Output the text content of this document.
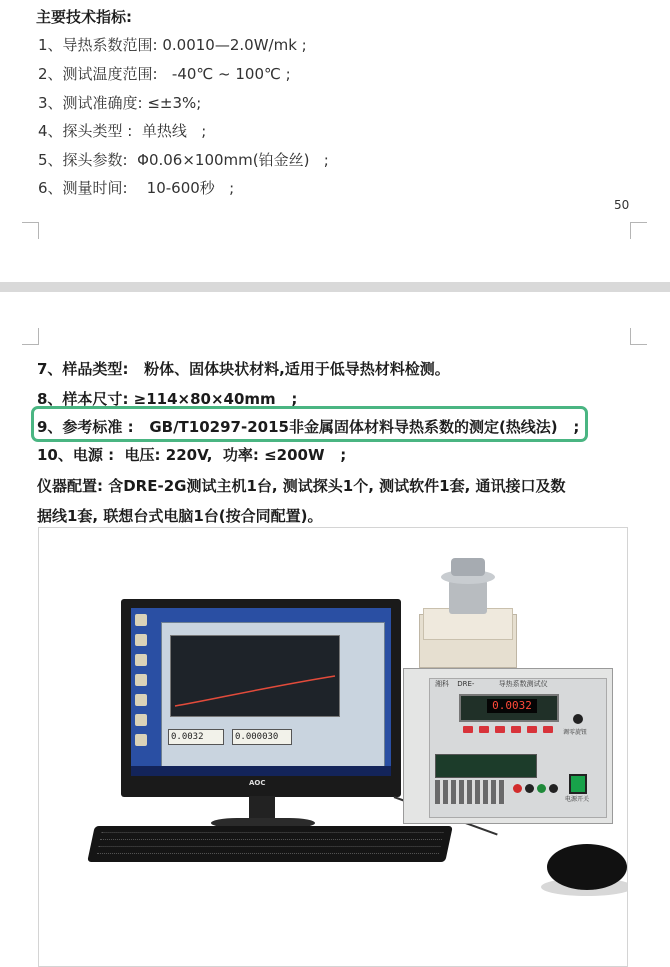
主要技术指标:
1、导热系数范围: 0.0010—2.0W/mk ;
2、测试温度范围:   -40℃ ~ 100℃ ;
3、测试准确度: ≤±3%;
4、探头类型 :  单热线   ;
5、探头参数:  Φ0.06×100mm(铂金丝)   ;
6、测量时间:    10-600秒   ;
50
7、样品类型:   粉体、固体块状材料,适用于低导热材料检测。
8、样本尺寸: ≥114×80×40mm   ;
9、参考标准 :   GB/T10297-2015非金属固体材料导热系数的测定(热线法)   ;
10、电源 :  电压: 220V,  功率: ≤200W   ;
仪器配置: 含DRE-2G测试主机1台, 测试探头1个, 测试软件1套, 通讯接口及数
据线1套, 联想台式电脑1台(按合同配置)。
0.0032	0.000030
AOC
湘科 DRE-	导热系数测试仪
0.0032
调零旋钮
电源开关
